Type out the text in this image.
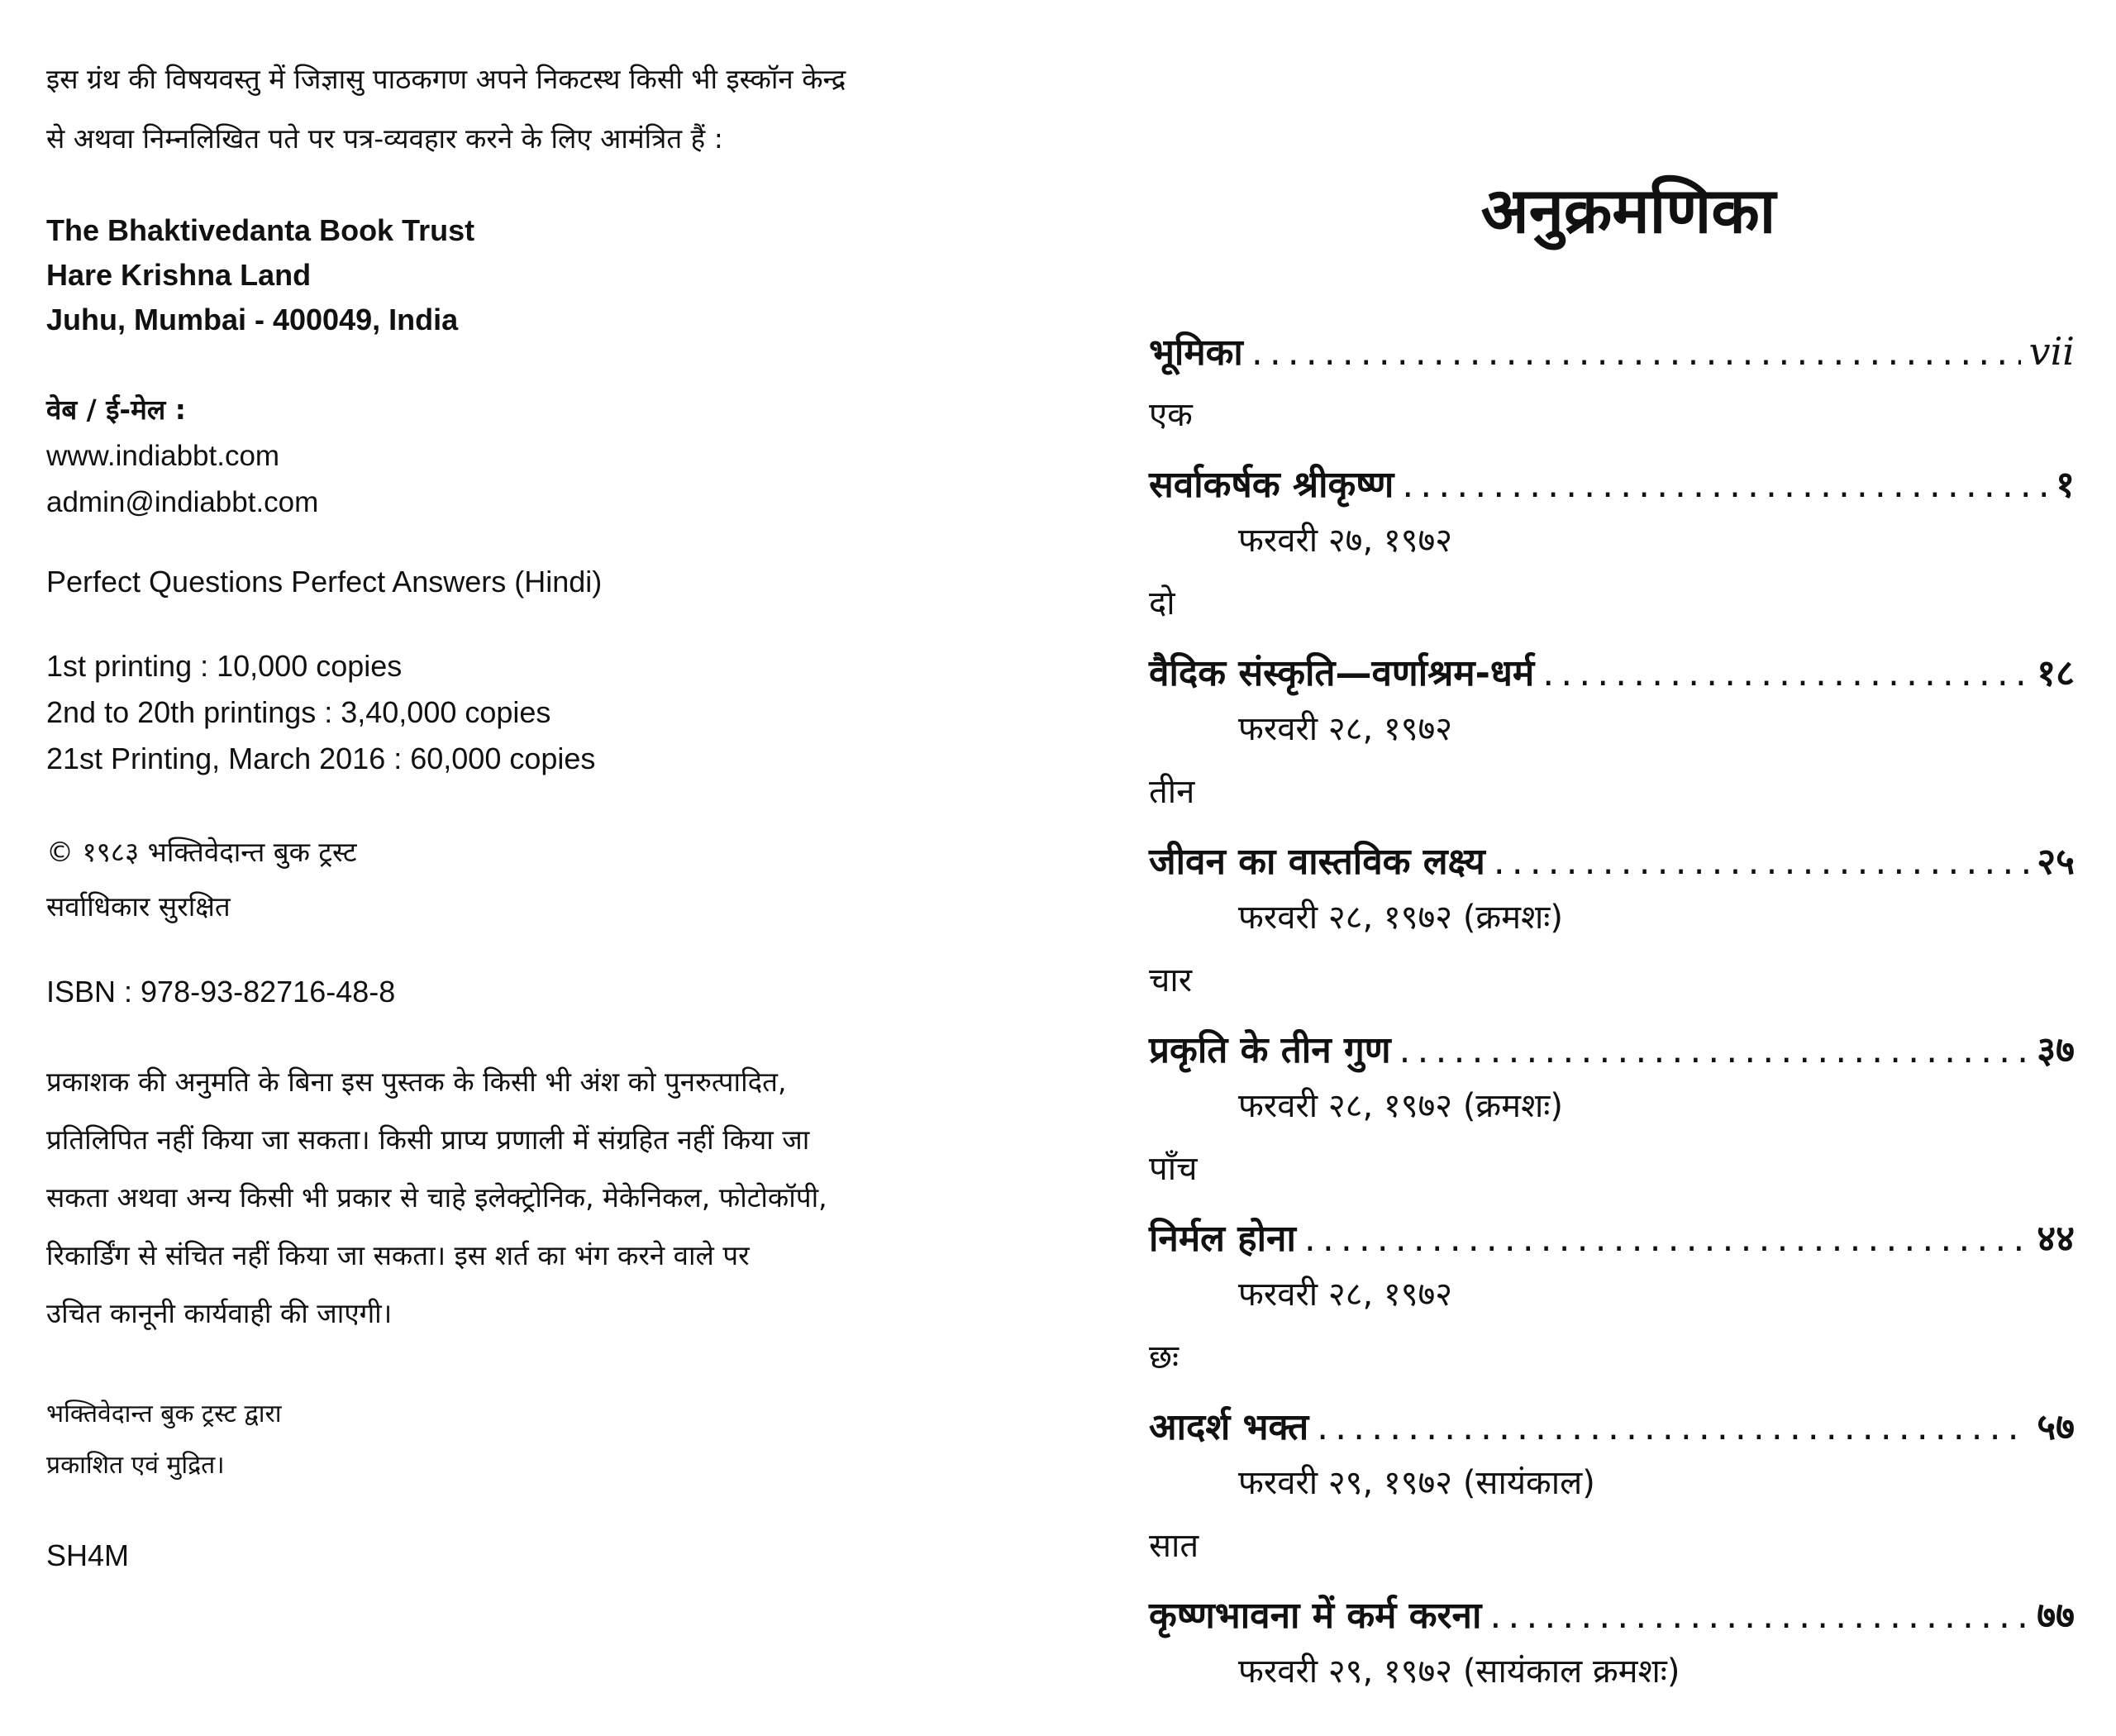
इस ग्रंथ की विषयवस्तु में जिज्ञासु पाठकगण अपने निकटस्थ किसी भी इस्कॉन केन्द्र
से अथवा निम्नलिखित पते पर पत्र-व्यवहार करने के लिए आमंत्रित हैं :
The Bhaktivedanta Book Trust
Hare Krishna Land
Juhu, Mumbai - 400049, India
वेब / ई-मेल :
www.indiabbt.com
admin@indiabbt.com
Perfect Questions Perfect Answers (Hindi)
1st printing : 10,000 copies
2nd to 20th printings : 3,40,000 copies
21st Printing, March 2016 : 60,000 copies
© १९८३ भक्तिवेदान्त बुक ट्रस्ट
सर्वाधिकार सुरक्षित
ISBN : 978-93-82716-48-8
प्रकाशक की अनुमति के बिना इस पुस्तक के किसी भी अंश को पुनरुत्पादित,
प्रतिलिपित नहीं किया जा सकता। किसी प्राप्य प्रणाली में संग्रहित नहीं किया जा
सकता अथवा अन्य किसी भी प्रकार से चाहे इलेक्ट्रोनिक, मेकेनिकल, फोटोकॉपी,
रिकार्डिंग से संचित नहीं किया जा सकता। इस शर्त का भंग करने वाले पर
उचित कानूनी कार्यवाही की जाएगी।
भक्तिवेदान्त बुक ट्रस्ट द्वारा
प्रकाशित एवं मुद्रित।
SH4M
अनुक्रमणिका
भूमिका .....	vii
एक
सर्वाकर्षक श्रीकृष्ण .....	१
फरवरी २७, १९७२
दो
वैदिक संस्कृति—वर्णाश्रम-धर्म .....	१८
फरवरी २८, १९७२
तीन
जीवन का वास्तविक लक्ष्य .....	२५
फरवरी २८, १९७२ (क्रमशः)
चार
प्रकृति के तीन गुण .....	३७
फरवरी २८, १९७२ (क्रमशः)
पाँच
निर्मल होना .....	४४
फरवरी २८, १९७२
छः
आदर्श भक्त .....	५७
फरवरी २९, १९७२ (सायंकाल)
सात
कृष्णभावना में कर्म करना .....	७७
फरवरी २९, १९७२ (सायंकाल क्रमशः)
